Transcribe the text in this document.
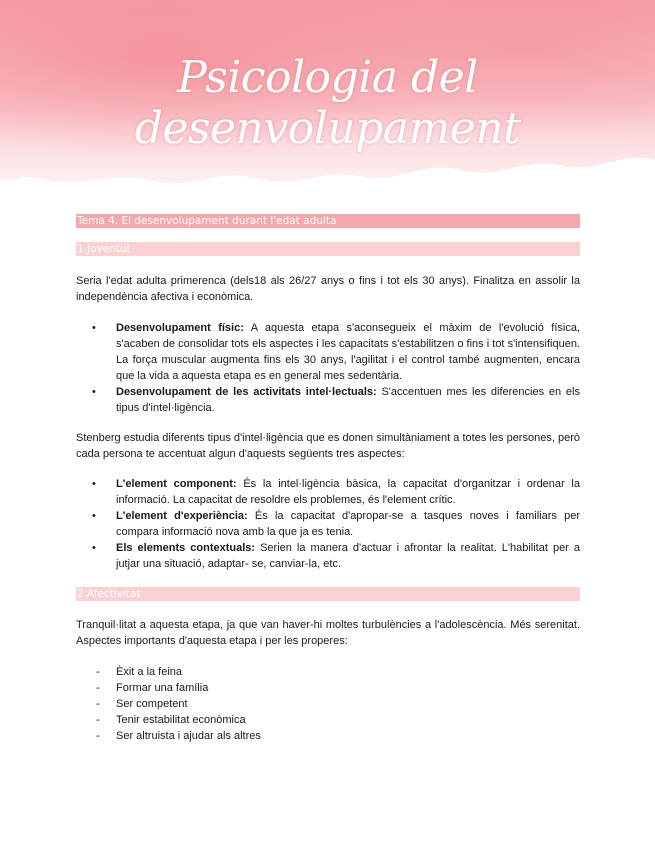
Psicologia del desenvolupament
Tema 4. El desenvolupament durant l'edat adulta
1.Joventut
Seria l'edat adulta primerenca (dels18 als 26/27 anys o fins i tot els 30 anys). Finalitza en assolir la independència afectiva i econòmica.
• Desenvolupament físic: A aquesta etapa s'aconsegueix el màxim de l'evolució física, s'acaben de consolidar tots els aspectes i les capacitats s'estabilitzen o fins i tot s'intensifiquen. La força muscular augmenta fins els 30 anys, l'agilitat i el control també augmenten, encara que la vida a aquesta etapa es en general mes sedentària.
• Desenvolupament de les activitats intel·lectuals: S'accentuen mes les diferencies en els tipus d'intel·ligència.
Stenberg estudia diferents tipus d'intel·ligència que es donen simultàniament a totes les persones, però cada persona te accentuat algun d'aquests següents tres aspectes:
• L'element component: És la intel·ligència bàsica, la capacitat d'organitzar i ordenar la informació. La capacitat de resoldre els problemes, és l'element crític.
• L'element d'experiència: És la capacitat d'apropar-se a tasques noves i familiars per compara informació nova amb la que ja es tenia.
• Els elements contextuals: Serien la manera d'actuar i afrontar la realitat. L'habilitat per a jutjar una situació, adaptar- se, canviar-la, etc.
2.Afectivitat
Tranquil·litat a aquesta etapa, ja que van haver-hi moltes turbulències a l'adolescència. Més serenitat. Aspectes importants d'aquesta etapa i per les properes:
- Èxit a la feina
- Formar una família
- Ser competent
- Tenir estabilitat econòmica
- Ser altruista i ajudar als altres
